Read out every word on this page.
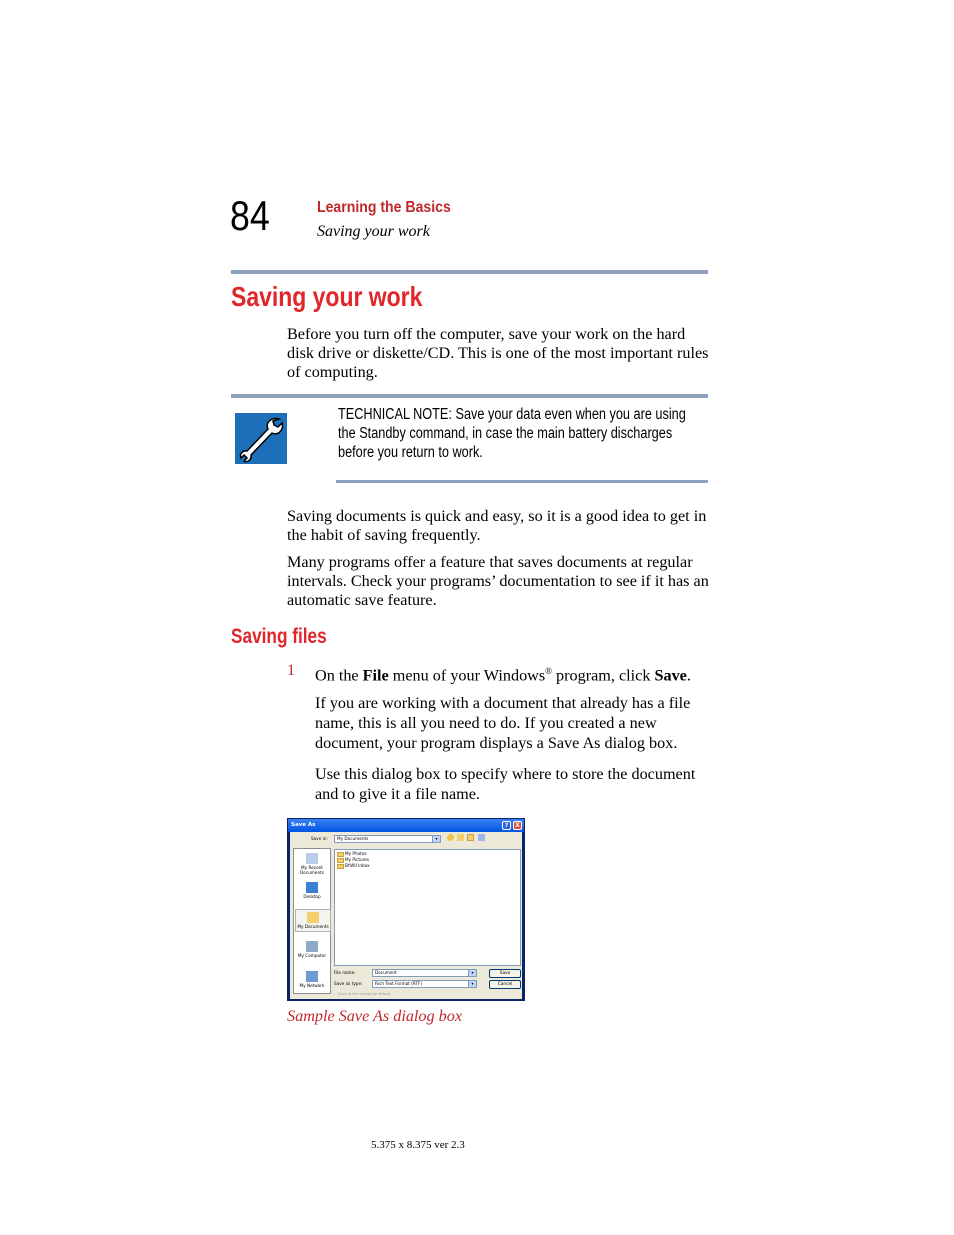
84	Learning the Basics
Saving your work
Saving your work

Before you turn off the computer, save your work on the hard disk drive or diskette/CD. This is one of the most important rules of computing.

TECHNICAL NOTE: Save your data even when you are using the Standby command, in case the main battery discharges before you return to work.

Saving documents is quick and easy, so it is a good idea to get in the habit of saving frequently.

Many programs offer a feature that saves documents at regular intervals. Check your programs’ documentation to see if it has an automatic save feature.

Saving files
1 On the File menu of your Windows® program, click Save.

If you are working with a document that already has a file name, this is all you need to do. If you created a new document, your program displays a Save As dialog box.

Use this dialog box to specify where to store the document and to give it a file name.

Save As	?	X
Save in:	My Documents	▾
My Recent Documents
Desktop
My Documents
My Computer
My Network
My Photos
My Pictures
BYWII Inbox
File name:	Document	▾
Save as type:	Rich Text Format (RTF)	▾
Save
Cancel
Save in the format by default
Sample Save As dialog box
5.375 x 8.375 ver 2.3
